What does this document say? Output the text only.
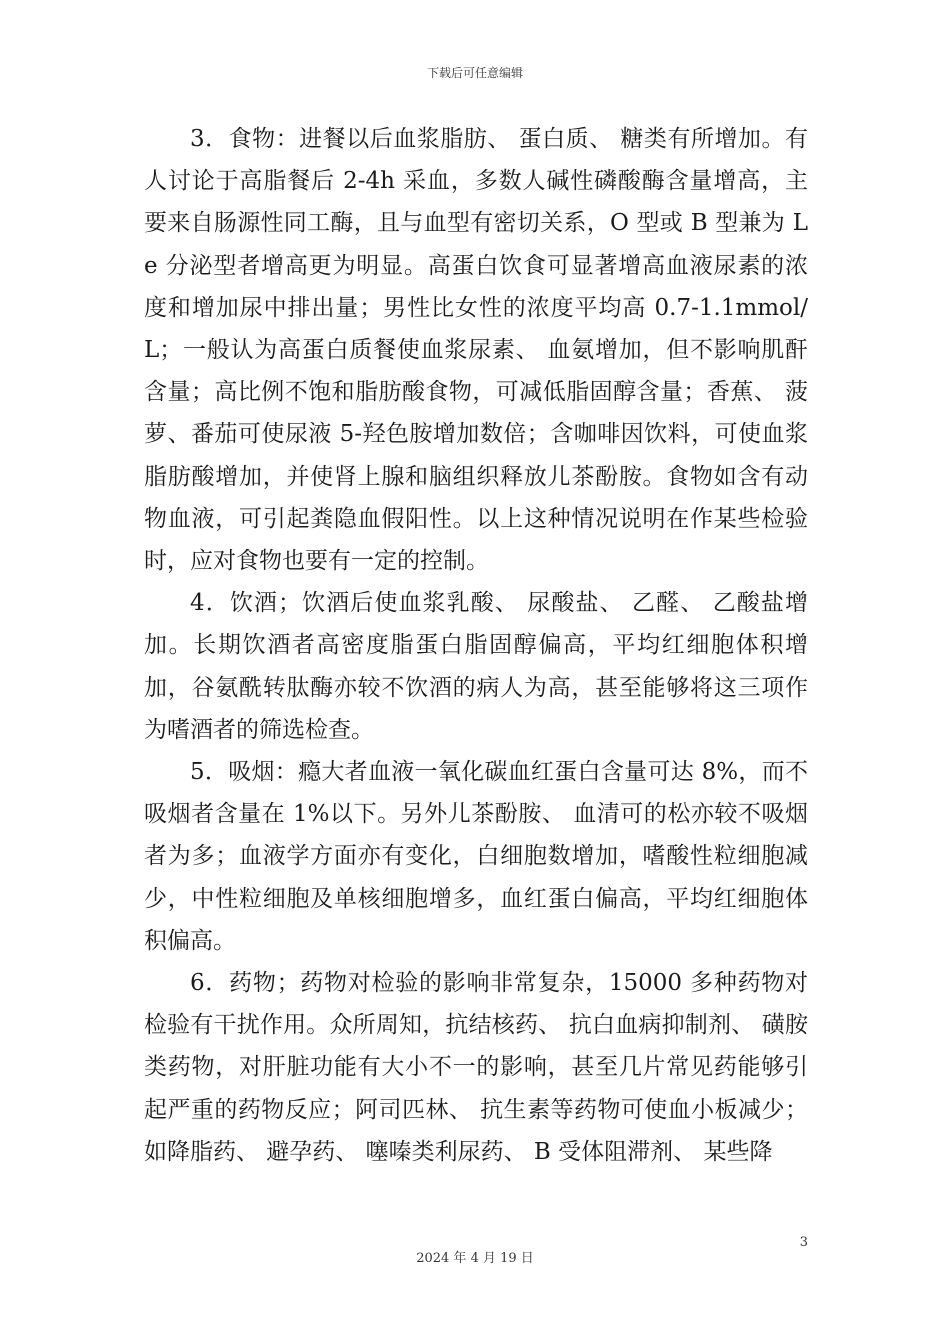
下载后可任意编辑

3．食物：进餐以后血浆脂肪、 蛋白质、 糖类有所增加。有人讨论于高脂餐后 2-4h 采血，多数人碱性磷酸酶含量增高，主要来自肠源性同工酶，且与血型有密切关系，O 型或 B 型兼为 Le 分泌型者增高更为明显。高蛋白饮食可显著增高血液尿素的浓度和增加尿中排出量；男性比女性的浓度平均高 0.7-1.1mmol/L；一般认为高蛋白质餐使血浆尿素、 血氨增加，但不影响肌酐含量；高比例不饱和脂肪酸食物，可减低脂固醇含量；香蕉、 菠萝、番茄可使尿液 5-羟色胺增加数倍；含咖啡因饮料，可使血浆脂肪酸增加，并使肾上腺和脑组织释放儿茶酚胺。食物如含有动物血液，可引起粪隐血假阳性。以上这种情况说明在作某些检验时，应对食物也要有一定的控制。

4．饮酒；饮酒后使血浆乳酸、 尿酸盐、 乙醛、 乙酸盐增加。长期饮酒者高密度脂蛋白脂固醇偏高，平均红细胞体积增加，谷氨酰转肽酶亦较不饮酒的病人为高，甚至能够将这三项作为嗜酒者的筛选检查。

5．吸烟：瘾大者血液一氧化碳血红蛋白含量可达 8%，而不吸烟者含量在 1%以下。另外儿茶酚胺、 血清可的松亦较不吸烟者为多；血液学方面亦有变化，白细胞数增加，嗜酸性粒细胞减少，中性粒细胞及单核细胞增多，血红蛋白偏高，平均红细胞体积偏高。

6．药物；药物对检验的影响非常复杂，15000 多种药物对检验有干扰作用。众所周知，抗结核药、 抗白血病抑制剂、 磺胺类药物，对肝脏功能有大小不一的影响，甚至几片常见药能够引起严重的药物反应；阿司匹林、 抗生素等药物可使血小板减少；如降脂药、 避孕药、 噻嗪类利尿药、 B 受体阻滞剂、 某些降

3
2024 年 4 月 19 日
